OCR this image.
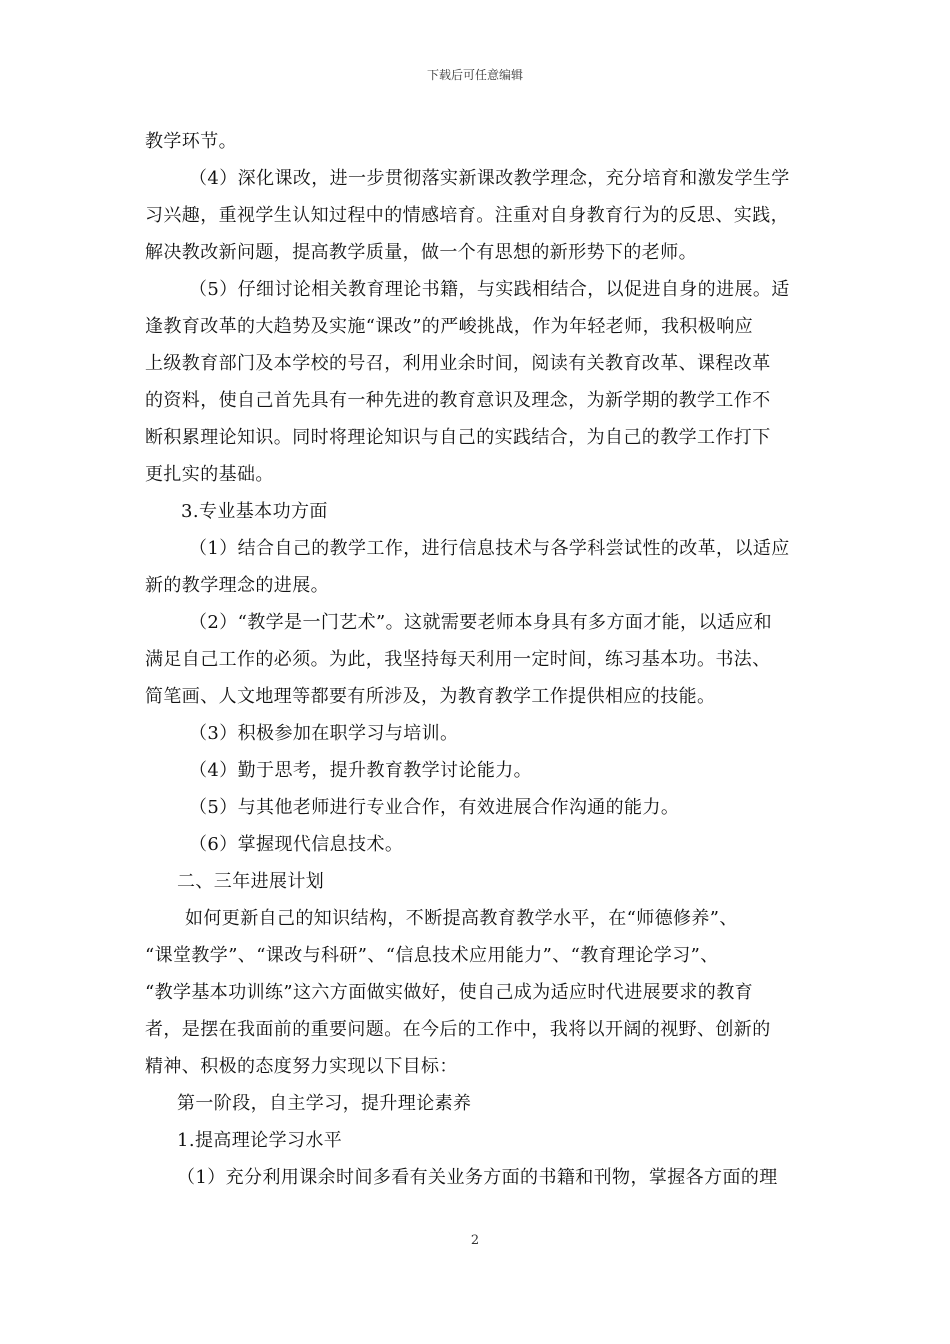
下载后可任意编辑
教学环节。
（4）深化课改，进一步贯彻落实新课改教学理念，充分培育和激发学生学
习兴趣，重视学生认知过程中的情感培育。注重对自身教育行为的反思、实践，
解决教改新问题，提高教学质量，做一个有思想的新形势下的老师。
（5）仔细讨论相关教育理论书籍，与实践相结合，以促进自身的进展。适
逢教育改革的大趋势及实施“课改”的严峻挑战，作为年轻老师，我积极响应
上级教育部门及本学校的号召，利用业余时间，阅读有关教育改革、课程改革
的资料，使自己首先具有一种先进的教育意识及理念，为新学期的教学工作不
断积累理论知识。同时将理论知识与自己的实践结合，为自己的教学工作打下
更扎实的基础。
3.专业基本功方面
（1）结合自己的教学工作，进行信息技术与各学科尝试性的改革，以适应
新的教学理念的进展。
（2）“教学是一门艺术”。这就需要老师本身具有多方面才能，以适应和
满足自己工作的必须。为此，我坚持每天利用一定时间，练习基本功。书法、
简笔画、人文地理等都要有所涉及，为教育教学工作提供相应的技能。
（3）积极参加在职学习与培训。
（4）勤于思考，提升教育教学讨论能力。
（5）与其他老师进行专业合作，有效进展合作沟通的能力。
（6）掌握现代信息技术。
二、三年进展计划
如何更新自己的知识结构，不断提高教育教学水平，在“师德修养”、
“课堂教学”、“课改与科研”、“信息技术应用能力”、“教育理论学习”、
“教学基本功训练”这六方面做实做好，使自己成为适应时代进展要求的教育
者，是摆在我面前的重要问题。在今后的工作中，我将以开阔的视野、创新的
精神、积极的态度努力实现以下目标：
第一阶段，自主学习，提升理论素养
1.提高理论学习水平
（1）充分利用课余时间多看有关业务方面的书籍和刊物，掌握各方面的理
2
